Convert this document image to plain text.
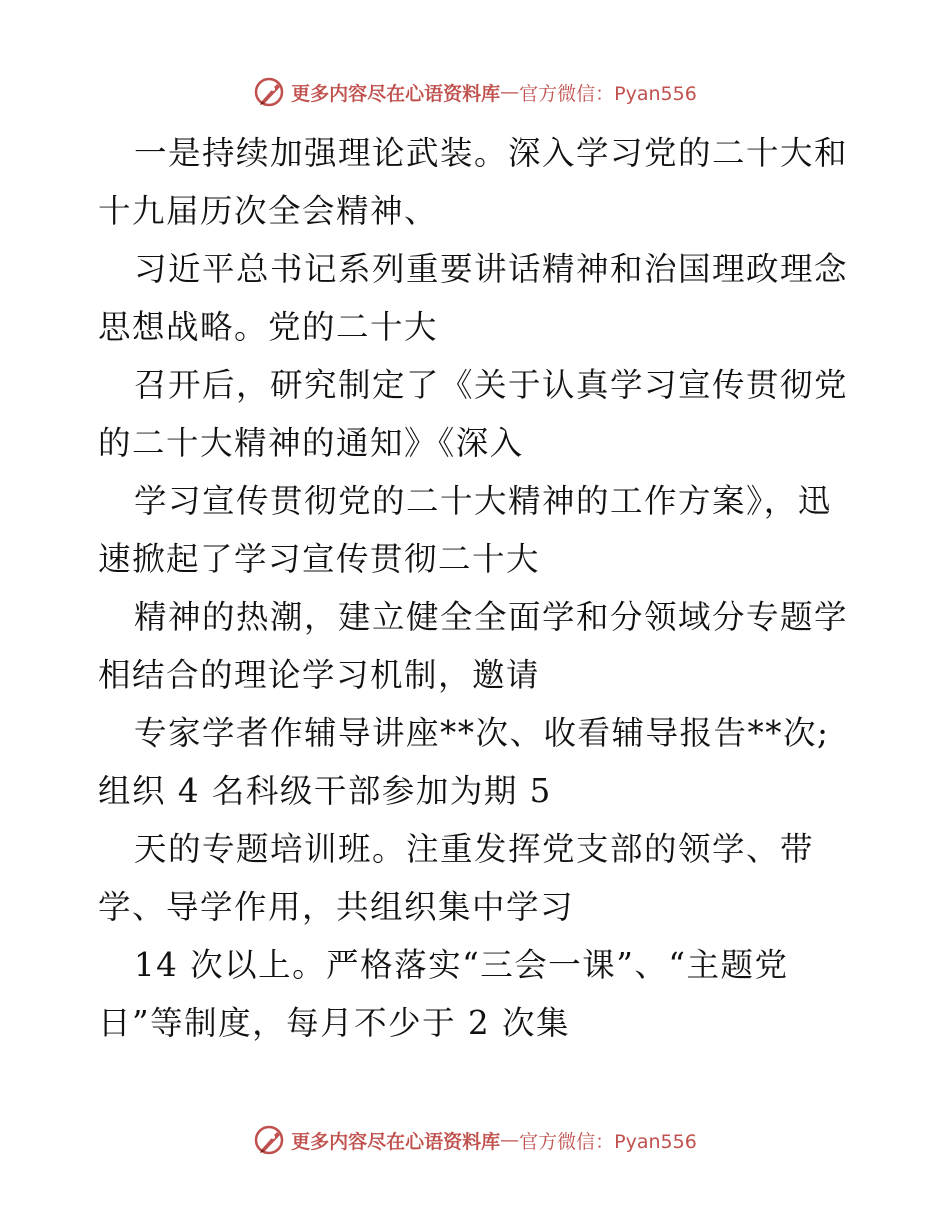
更多内容尽在心语资料库 — 官方微信：Pyan556
一是持续加强理论武装。深入学习党的二十大和
十九届历次全会精神、
习近平总书记系列重要讲话精神和治国理政理念
思想战略。党的二十大
召开后，研究制定了《关于认真学习宣传贯彻党
的二十大精神的通知》《深入
学习宣传贯彻党的二十大精神的工作方案》，迅
速掀起了学习宣传贯彻二十大
精神的热潮，建立健全全面学和分领域分专题学
相结合的理论学习机制，邀请
专家学者作辅导讲座**次、收看辅导报告**次;
组织 4 名科级干部参加为期 5
天的专题培训班。注重发挥党支部的领学、带
学、导学作用，共组织集中学习
14 次以上。严格落实“三会一课”、“主题党
日”等制度，每月不少于 2 次集
更多内容尽在心语资料库 — 官方微信：Pyan556
